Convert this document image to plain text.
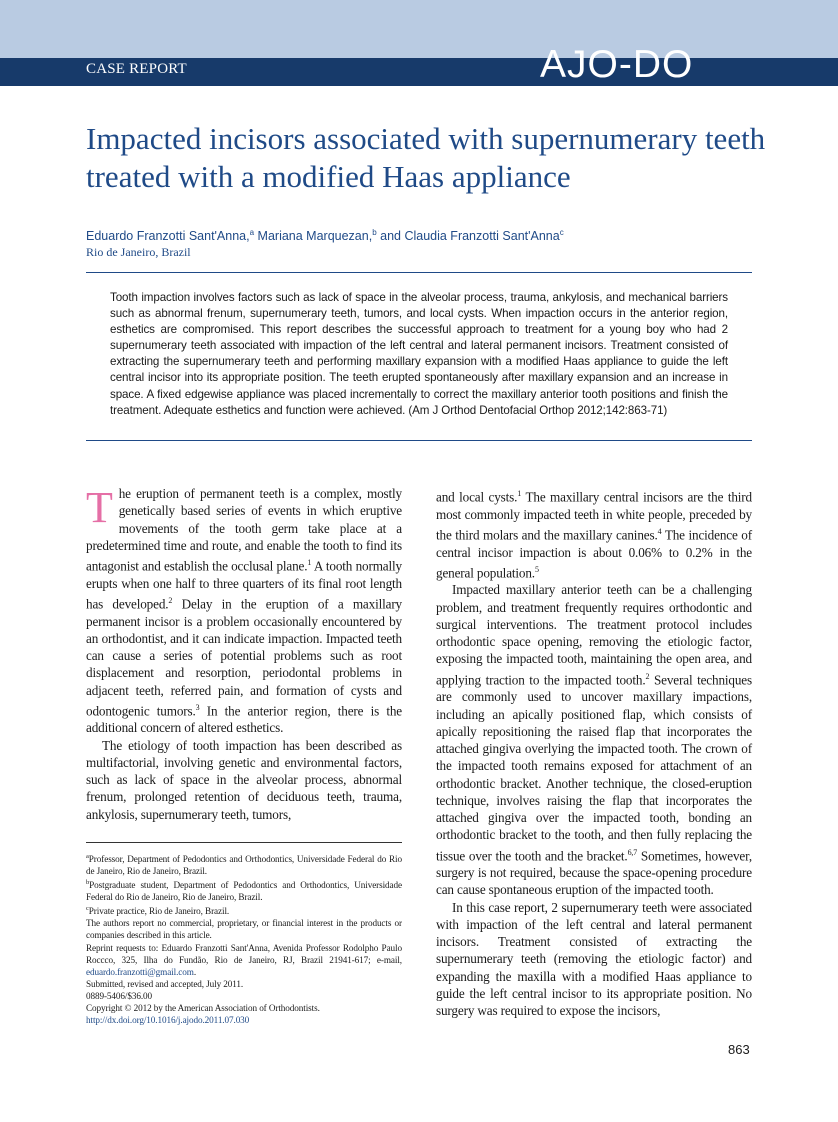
CASE REPORT	AJO-DO
Impacted incisors associated with supernumerary teeth treated with a modified Haas appliance
Eduardo Franzotti Sant'Anna,$^a$ Mariana Marquezan,$^b$ and Claudia Franzotti Sant'Anna$^c$
Rio de Janeiro, Brazil

Tooth impaction involves factors such as lack of space in the alveolar process, trauma, ankylosis, and mechanical barriers such as abnormal frenum, supernumerary teeth, tumors, and local cysts. When impaction occurs in the anterior region, esthetics are compromised. This report describes the successful approach to treatment for a young boy who had 2 supernumerary teeth associated with impaction of the left central and lateral permanent incisors. Treatment consisted of extracting the supernumerary teeth and performing maxillary expansion with a modified Haas appliance to guide the left central incisor into its appropriate position. The teeth erupted spontaneously after maxillary expansion and an increase in space. A fixed edgewise appliance was placed incrementally to correct the maxillary anterior tooth positions and finish the treatment. Adequate esthetics and function were achieved. (Am J Orthod Dentofacial Orthop 2012;142:863-71)

The eruption of permanent teeth is a complex, mostly genetically based series of events in which eruptive movements of the tooth germ take place at a predetermined time and route, and enable the tooth to find its antagonist and establish the occlusal plane.$^1$ A tooth normally erupts when one half to three quarters of its final root length has developed.$^2$ Delay in the eruption of a maxillary permanent incisor is a problem occasionally encountered by an orthodontist, and it can indicate impaction. Impacted teeth can cause a series of potential problems such as root displacement and resorption, periodontal problems in adjacent teeth, referred pain, and formation of cysts and odontogenic tumors.$^3$ In the anterior region, there is the additional concern of altered esthetics.

The etiology of tooth impaction has been described as multifactorial, involving genetic and environmental factors, such as lack of space in the alveolar process, abnormal frenum, prolonged retention of deciduous teeth, trauma, ankylosis, supernumerary teeth, tumors,

and local cysts.$^1$ The maxillary central incisors are the third most commonly impacted teeth in white people, preceded by the third molars and the maxillary canines.$^4$ The incidence of central incisor impaction is about 0.06% to 0.2% in the general population.$^5$

Impacted maxillary anterior teeth can be a challenging problem, and treatment frequently requires orthodontic and surgical interventions. The treatment protocol includes orthodontic space opening, removing the etiologic factor, exposing the impacted tooth, maintaining the open area, and applying traction to the impacted tooth.$^2$ Several techniques are commonly used to uncover maxillary impactions, including an apically positioned flap, which consists of apically repositioning the raised flap that incorporates the attached gingiva overlying the impacted tooth. The crown of the impacted tooth remains exposed for attachment of an orthodontic bracket. Another technique, the closed-eruption technique, involves raising the flap that incorporates the attached gingiva over the impacted tooth, bonding an orthodontic bracket to the tooth, and then fully replacing the tissue over the tooth and the bracket.$^{6,7}$ Sometimes, however, surgery is not required, because the space-opening procedure can cause spontaneous eruption of the impacted tooth.

In this case report, 2 supernumerary teeth were associated with impaction of the left central and lateral permanent incisors. Treatment consisted of extracting the supernumerary teeth (removing the etiologic factor) and expanding the maxilla with a modified Haas appliance to guide the left central incisor to its appropriate position. No surgery was required to expose the incisors,

$^a$Professor, Department of Pedodontics and Orthodontics, Universidade Federal do Rio de Janeiro, Rio de Janeiro, Brazil.
$^b$Postgraduate student, Department of Pedodontics and Orthodontics, Universidade Federal do Rio de Janeiro, Rio de Janeiro, Brazil.
$^c$Private practice, Rio de Janeiro, Brazil.
The authors report no commercial, proprietary, or financial interest in the products or companies described in this article.
Reprint requests to: Eduardo Franzotti Sant'Anna, Avenida Professor Rodolpho Paulo Roccco, 325, Ilha do Fundão, Rio de Janeiro, RJ, Brazil 21941-617; e-mail, eduardo.franzotti@gmail.com.
Submitted, revised and accepted, July 2011.
0889-5406/$36.00
Copyright © 2012 by the American Association of Orthodontists.
http://dx.doi.org/10.1016/j.ajodo.2011.07.030
863
